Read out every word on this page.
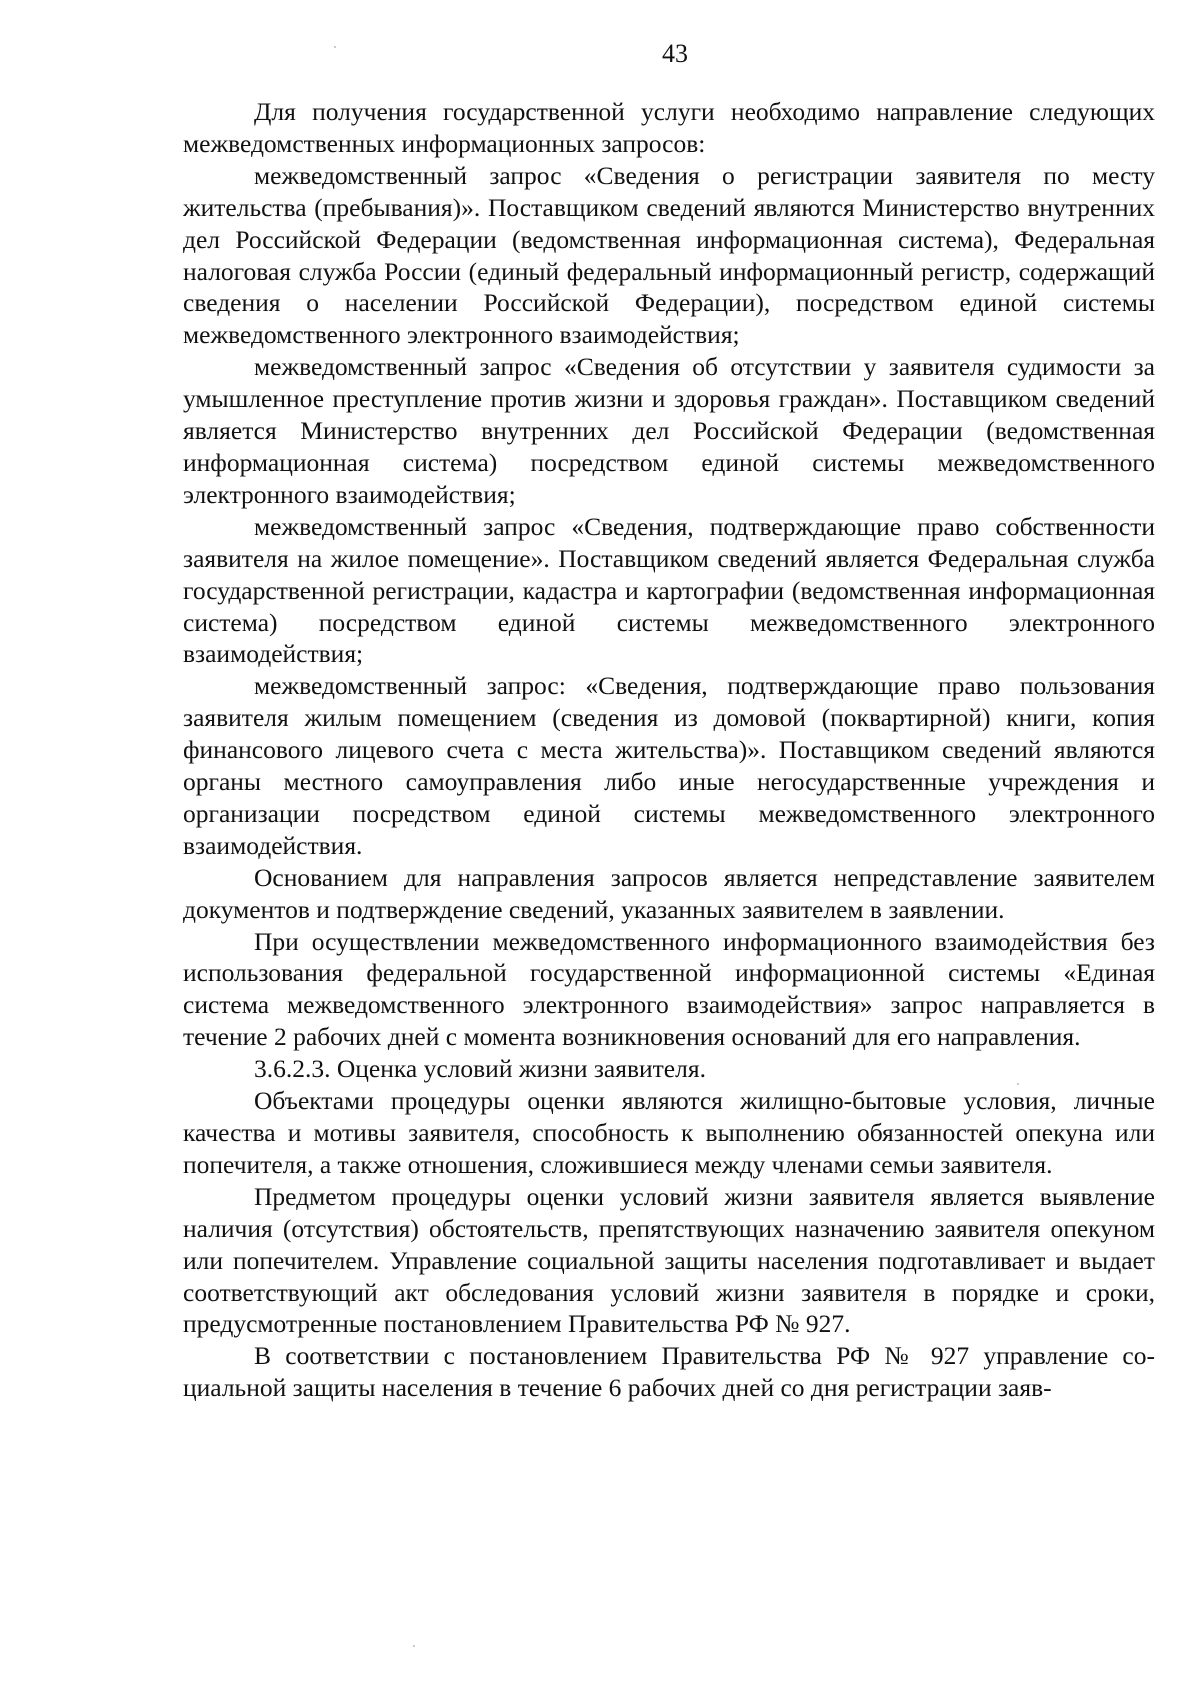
43

Для получения государственной услуги необходимо направление следующих межведомственных информационных запросов:

межведомственный запрос «Сведения о регистрации заявителя по месту жительства (пребывания)». Поставщиком сведений являются Министерство внутренних дел Российской Федерации (ведомственная информационная система), Федеральная налоговая служба России (единый федеральный информационный регистр, содержащий сведения о населении Российской Федерации), посредством единой системы межведомственного электронного взаимодействия;

межведомственный запрос «Сведения об отсутствии у заявителя судимости за умышленное преступление против жизни и здоровья граждан». Поставщиком сведений является Министерство внутренних дел Российской Федерации (ведомственная информационная система) посредством единой системы межведомственного электронного взаимодействия;

межведомственный запрос «Сведения, подтверждающие право собственности заявителя на жилое помещение». Поставщиком сведений является Федеральная служба государственной регистрации, кадастра и картографии (ведомственная информационная система) посредством единой системы межведомственного электронного взаимодействия;

межведомственный запрос: «Сведения, подтверждающие право пользования заявителя жилым помещением (сведения из домовой (поквартирной) книги, копия финансового лицевого счета с места жительства)». Поставщиком сведений являются органы местного самоуправления либо иные негосударственные учреждения и организации посредством единой системы межведомственного электронного взаимодействия.

Основанием для направления запросов является непредставление заявителем документов и подтверждение сведений, указанных заявителем в заявлении.

При осуществлении межведомственного информационного взаимодействия без использования федеральной государственной информационной системы «Единая система межведомственного электронного взаимодействия» запрос направляется в течение 2 рабочих дней с момента возникновения оснований для его направления.

3.6.2.3. Оценка условий жизни заявителя.

Объектами процедуры оценки являются жилищно-бытовые условия, личные качества и мотивы заявителя, способность к выполнению обязанностей опекуна или попечителя, а также отношения, сложившиеся между членами семьи заявителя.

Предметом процедуры оценки условий жизни заявителя является выявление наличия (отсутствия) обстоятельств, препятствующих назначению заявителя опекуном или попечителем. Управление социальной защиты населения подготавливает и выдает соответствующий акт обследования условий жизни заявителя в порядке и сроки, предусмотренные постановлением Правительства РФ № 927.

В соответствии с постановлением Правительства РФ № 927 управление социальной защиты населения в течение 6 рабочих дней со дня регистрации заяв-
